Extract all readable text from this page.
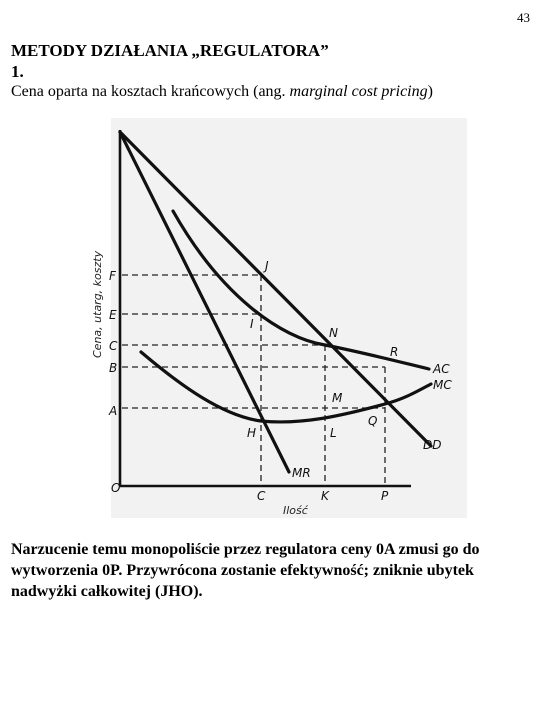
43
METODY DZIAŁANIA „REGULATORA”
1.
Cena oparta na kosztach krańcowych (ang. marginal cost pricing)
F
E
C
B
A
O
C	K	P
Ilość
J
I
N
R
M
Q
H	L
MR
AC
MC
DD
Cena, utarg, koszty
Narzucenie temu monopoliście przez regulatora ceny 0A zmusi go do wytworzenia 0P. Przywrócona zostanie efektywność; zniknie ubytek nadwyżki całkowitej (JHO).
